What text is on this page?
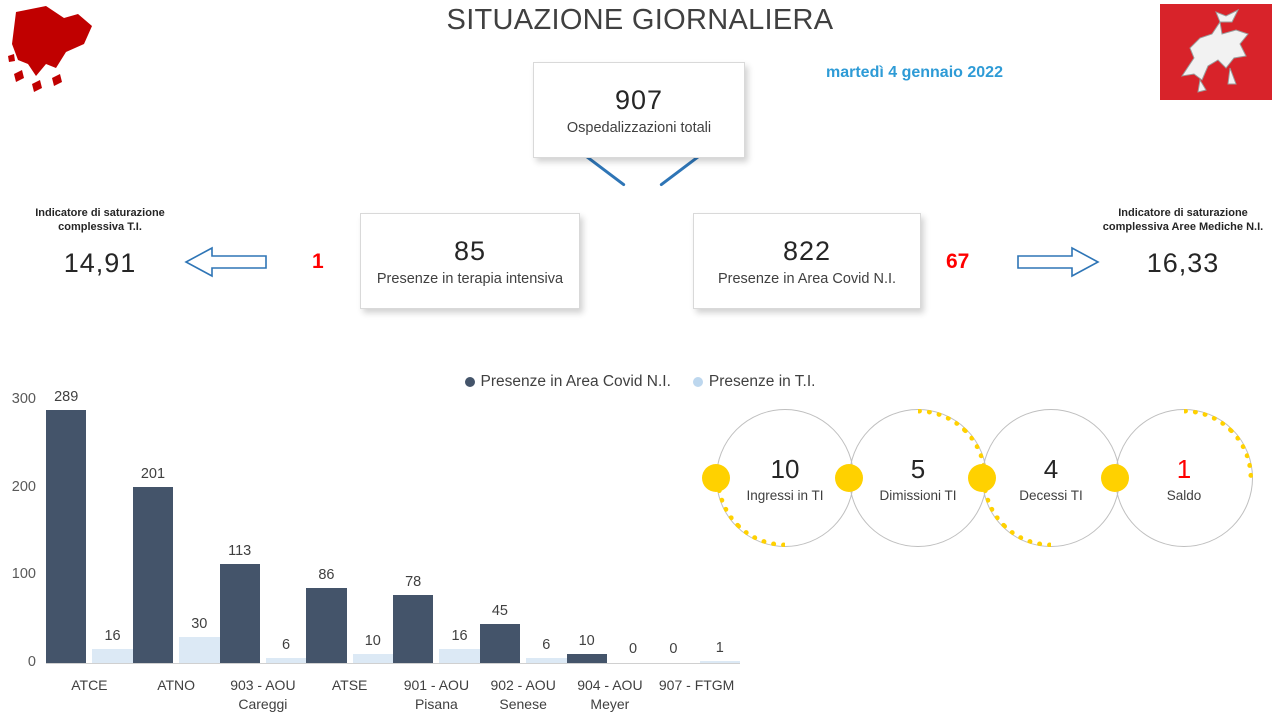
SITUAZIONE GIORNALIERA
martedì 4 gennaio 2022
907
Ospedalizzazioni totali
85
Presenze in terapia intensiva
822
Presenze in Area Covid N.I.
Indicatore di saturazione complessiva T.I.
14,91	1
Indicatore di saturazione complessiva Aree Mediche N.I.
16,33
67
Presenze in Area Covid N.I. Presenze in T.I.
0
100
200
300 289
16
201
30
113
6
86
10
78
16
45
6 10 0 0	1
ATCE	ATNO	903 - AOU Careggi
ATSE	901 - AOU Pisana
902 - AOU Senese
904 - AOU Meyer
907 - FTGM
10
Ingressi in TI
5
Dimissioni TI
4
Decessi TI
1
Saldo
